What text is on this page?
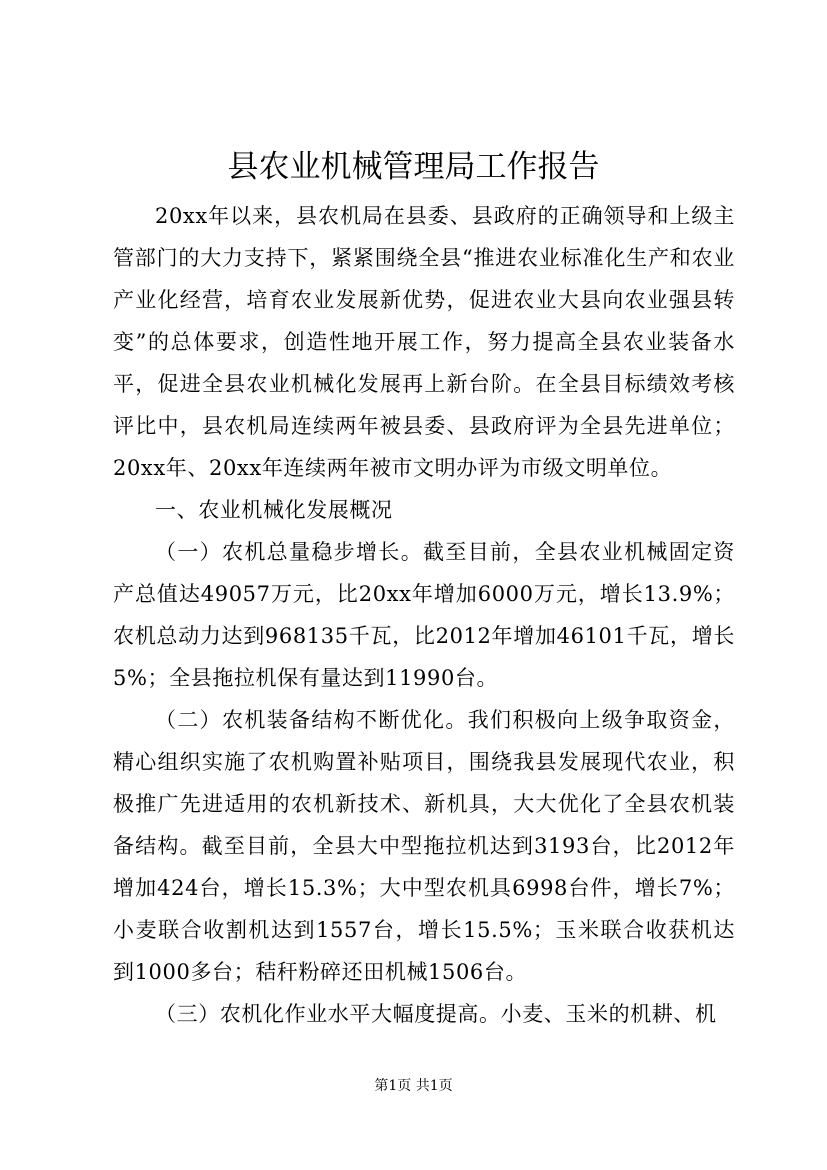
县农业机械管理局工作报告

20xx年以来，县农机局在县委、县政府的正确领导和上级主管部门的大力支持下，紧紧围绕全县“推进农业标准化生产和农业产业化经营，培育农业发展新优势，促进农业大县向农业强县转变”的总体要求，创造性地开展工作，努力提高全县农业装备水平，促进全县农业机械化发展再上新台阶。在全县目标绩效考核评比中，县农机局连续两年被县委、县政府评为全县先进单位；20xx年、20xx年连续两年被市文明办评为市级文明单位。

一、农业机械化发展概况

（一）农机总量稳步增长。截至目前，全县农业机械固定资产总值达49057万元，比20xx年增加6000万元，增长13.9%；农机总动力达到968135千瓦，比2012年增加46101千瓦，增长5%；全县拖拉机保有量达到11990台。

（二）农机装备结构不断优化。我们积极向上级争取资金，精心组织实施了农机购置补贴项目，围绕我县发展现代农业，积极推广先进适用的农机新技术、新机具，大大优化了全县农机装备结构。截至目前，全县大中型拖拉机达到3193台，比2012年增加424台，增长15.3%；大中型农机具6998台件，增长7%；小麦联合收割机达到1557台，增长15.5%；玉米联合收获机达到1000多台；秸秆粉碎还田机械1506台。

（三）农机化作业水平大幅度提高。小麦、玉米的机耕、机

第1页 共1页
